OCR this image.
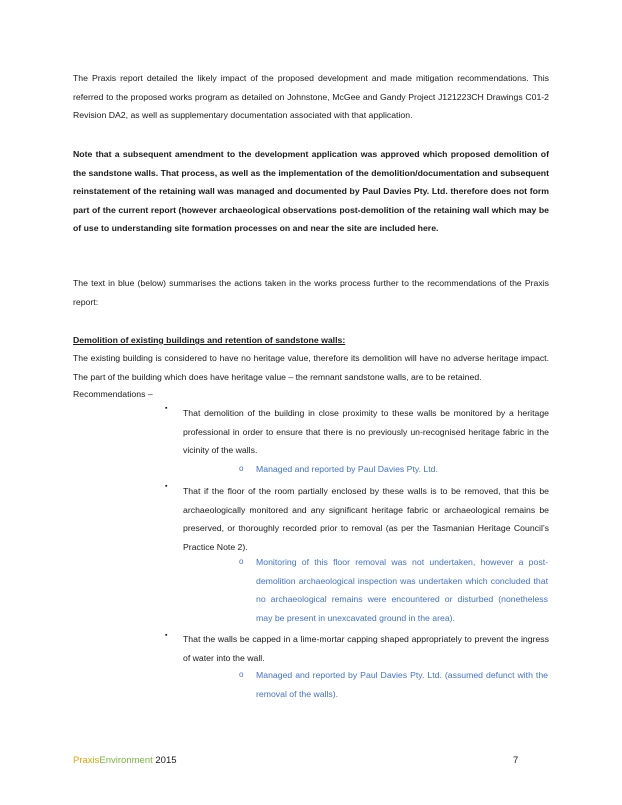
The Praxis report detailed the likely impact of the proposed development and made mitigation recommendations. This referred to the proposed works program as detailed on Johnstone, McGee and Gandy Project J121223CH Drawings C01-2 Revision DA2, as well as supplementary documentation associated with that application.

Note that a subsequent amendment to the development application was approved which proposed demolition of the sandstone walls. That process, as well as the implementation of the demolition/documentation and subsequent reinstatement of the retaining wall was managed and documented by Paul Davies Pty. Ltd. therefore does not form part of the current report (however archaeological observations post-demolition of the retaining wall which may be of use to understanding site formation processes on and near the site are included here.

The text in blue (below) summarises the actions taken in the works process further to the recommendations of the Praxis report:

Demolition of existing buildings and retention of sandstone walls:

The existing building is considered to have no heritage value, therefore its demolition will have no adverse heritage impact. The part of the building which does have heritage value – the remnant sandstone walls, are to be retained.

Recommendations –

▪	That demolition of the building in close proximity to these walls be monitored by a heritage professional in order to ensure that there is no previously un-recognised heritage fabric in the vicinity of the walls.

o Managed and reported by Paul Davies Pty. Ltd.

▪	That if the floor of the room partially enclosed by these walls is to be removed, that this be archaeologically monitored and any significant heritage fabric or archaeological remains be preserved, or thoroughly recorded prior to removal (as per the Tasmanian Heritage Council’s Practice Note 2).

o Monitoring of this floor removal was not undertaken, however a post-demolition archaeological inspection was undertaken which concluded that no archaeological remains were encountered or disturbed (nonetheless may be present in unexcavated ground in the area).

▪	That the walls be capped in a lime-mortar capping shaped appropriately to prevent the ingress of water into the wall.

o Managed and reported by Paul Davies Pty. Ltd. (assumed defunct with the removal of the walls).

PraxisEnvironment 2015	7
